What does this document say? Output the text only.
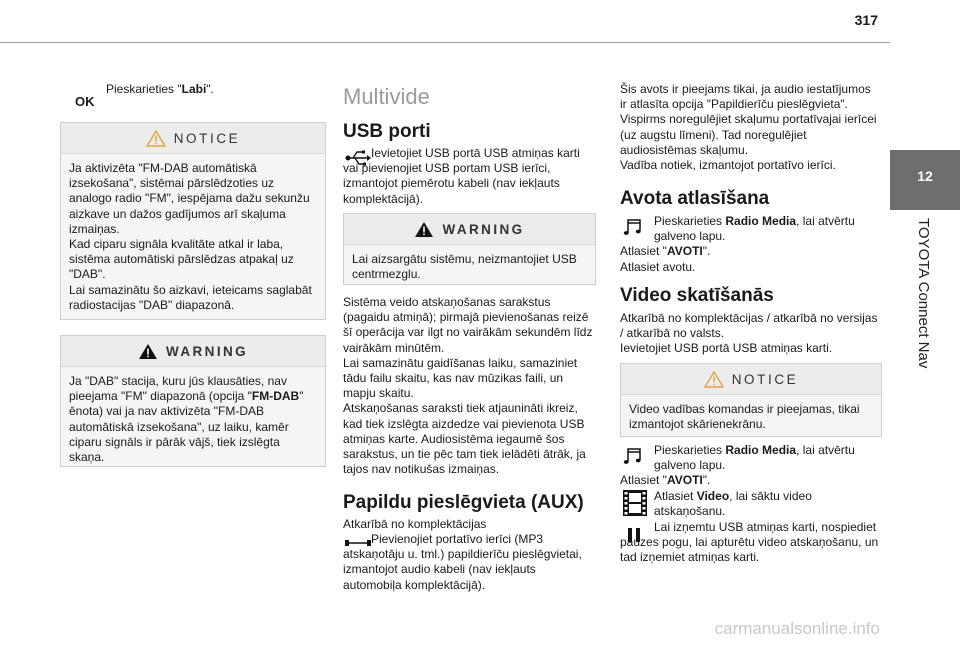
317
12
TOYOTA Connect Nav
OK
Pieskarieties "Labi".
NOTICE
Ja aktivizēta "FM-DAB automātiskā izsekošana", sistēmai pārslēdzoties uz analogo radio "FM", iespējama dažu sekunžu aizkave un dažos gadījumos arī skaļuma izmaiņas.
Kad ciparu signāla kvalitāte atkal ir laba, sistēma automātiski pārslēdzas atpakaļ uz "DAB".
Lai samazinātu šo aizkavi, ieteicams saglabāt radiostacijas "DAB" diapazonā.
WARNING
Ja "DAB" stacija, kuru jūs klausāties, nav pieejama "FM" diapazonā (opcija "FM-DAB" ēnota) vai ja nav aktivizēta "FM-DAB automātiskā izsekošana", uz laiku, kamēr ciparu signāls ir pārāk vājš, tiek izslēgta skaņa.
Multivide
USB porti
Ievietojiet USB portā USB atmiņas karti vai pievienojiet USB portam USB ierīci, izmantojot piemērotu kabeli (nav iekļauts komplektācijā).
WARNING
Lai aizsargātu sistēmu, neizmantojiet USB centrmezglu.
Sistēma veido atskaņošanas sarakstus (pagaidu atmiņā); pirmajā pievienošanas reizē šī operācija var ilgt no vairākām sekundēm līdz vairākām minūtēm.
Lai samazinātu gaidīšanas laiku, samaziniet tādu failu skaitu, kas nav mūzikas faili, un mapju skaitu.
Atskaņošanas saraksti tiek atjaunināti ikreiz, kad tiek izslēgta aizdedze vai pievienota USB atmiņas karte. Audiosistēma iegaumē šos sarakstus, un tie pēc tam tiek ielādēti ātrāk, ja tajos nav notikušas izmaiņas.
Papildu pieslēgvieta (AUX)
Atkarībā no komplektācijas
Pievienojiet portatīvo ierīci (MP3 atskaņotāju u. tml.) papildierīču pieslēgvietai, izmantojot audio kabeli (nav iekļauts automobiļa komplektācijā).
Šis avots ir pieejams tikai, ja audio iestatījumos ir atlasīta opcija "Papildierīču pieslēgvieta".
Vispirms noregulējiet skaļumu portatīvajai ierīcei (uz augstu līmeni). Tad noregulējiet audiosistēmas skaļumu.
Vadība notiek, izmantojot portatīvo ierīci.
Avota atlasīšana
Pieskarieties Radio Media, lai atvērtu galveno lapu.
Atlasiet "AVOTI".
Atlasiet avotu.
Video skatīšanās
Atkarībā no komplektācijas / atkarībā no versijas / atkarībā no valsts.
Ievietojiet USB portā USB atmiņas karti.
NOTICE
Video vadības komandas ir pieejamas, tikai izmantojot skārienekrānu.
Pieskarieties Radio Media, lai atvērtu galveno lapu.
Atlasiet "AVOTI".
Atlasiet Video, lai sāktu video atskaņošanu.
Lai izņemtu USB atmiņas karti, nospiediet pauzes pogu, lai apturētu video atskaņošanu, un tad izņemiet atmiņas karti.
carmanualsonline.info
